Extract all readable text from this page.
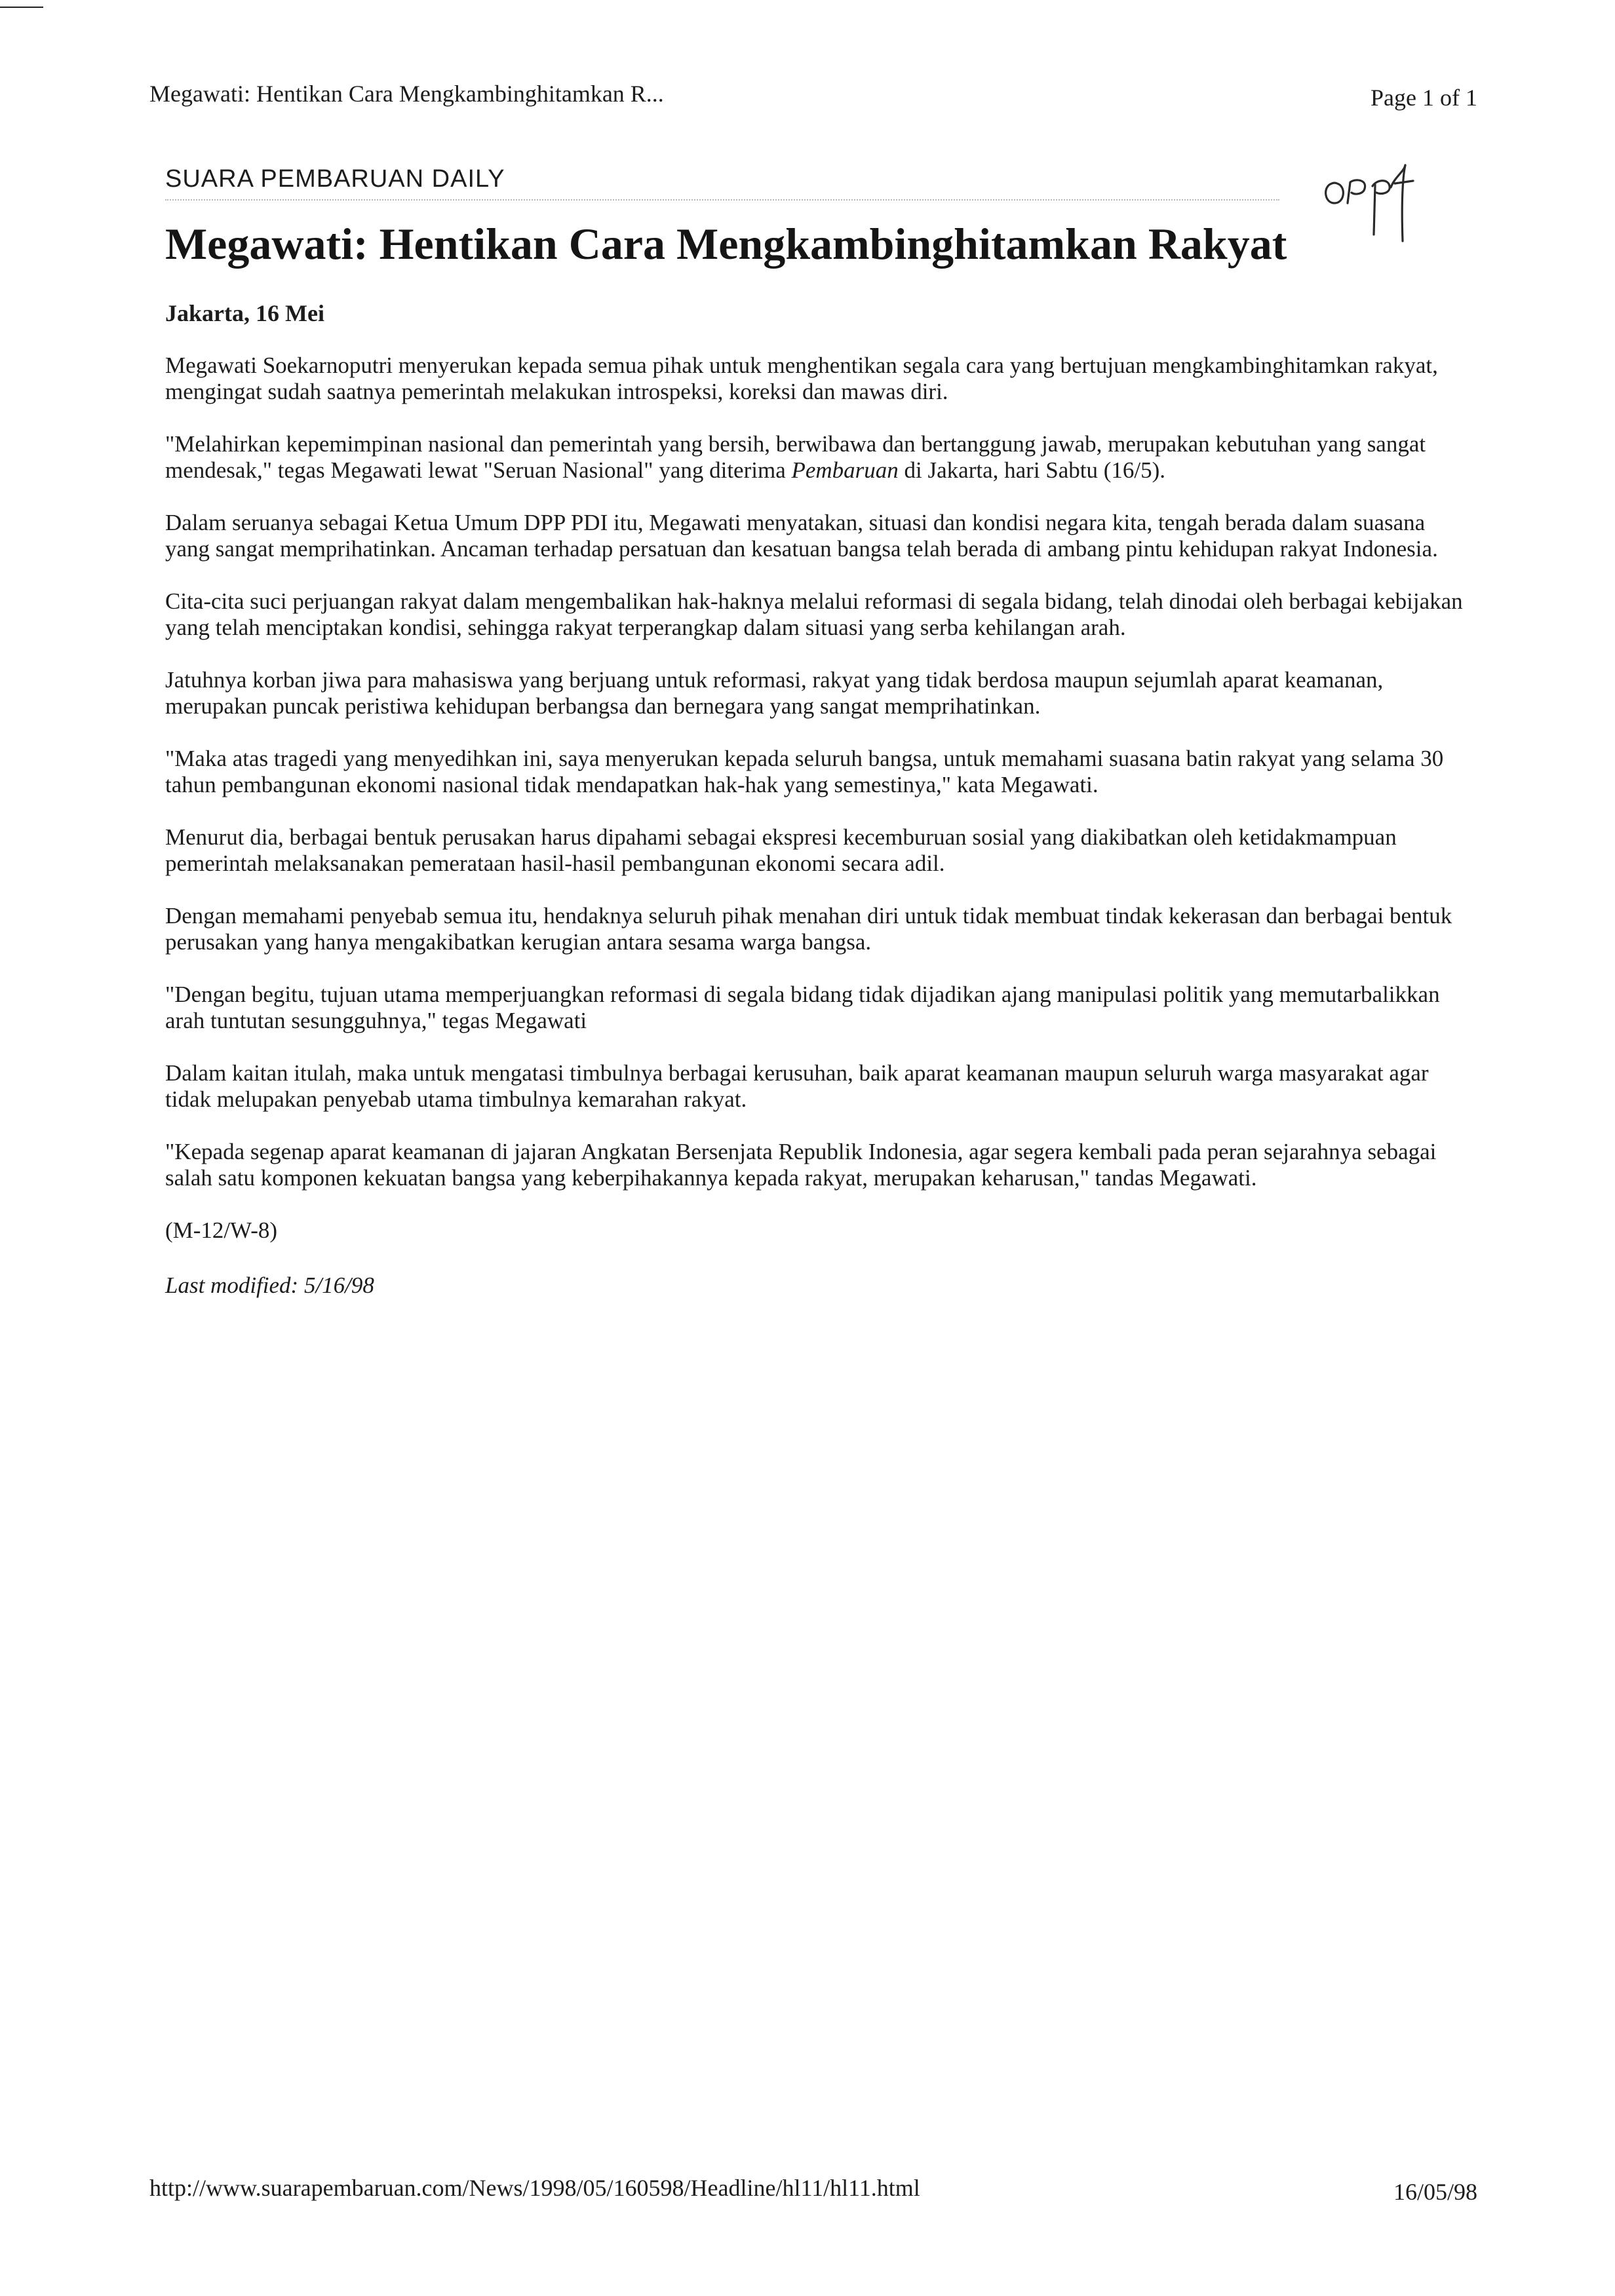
Megawati: Hentikan Cara Mengkambinghitamkan R...	Page 1 of 1
SUARA PEMBARUAN DAILY
Megawati: Hentikan Cara Mengkambinghitamkan Rakyat
Jakarta, 16 Mei

Megawati Soekarnoputri menyerukan kepada semua pihak untuk menghentikan segala cara yang bertujuan mengkambinghitamkan rakyat, mengingat sudah saatnya pemerintah melakukan introspeksi, koreksi dan mawas diri.

"Melahirkan kepemimpinan nasional dan pemerintah yang bersih, berwibawa dan bertanggung jawab, merupakan kebutuhan yang sangat mendesak," tegas Megawati lewat "Seruan Nasional" yang diterima Pembaruan di Jakarta, hari Sabtu (16/5).

Dalam seruanya sebagai Ketua Umum DPP PDI itu, Megawati menyatakan, situasi dan kondisi negara kita, tengah berada dalam suasana yang sangat memprihatinkan. Ancaman terhadap persatuan dan kesatuan bangsa telah berada di ambang pintu kehidupan rakyat Indonesia.

Cita-cita suci perjuangan rakyat dalam mengembalikan hak-haknya melalui reformasi di segala bidang, telah dinodai oleh berbagai kebijakan yang telah menciptakan kondisi, sehingga rakyat terperangkap dalam situasi yang serba kehilangan arah.

Jatuhnya korban jiwa para mahasiswa yang berjuang untuk reformasi, rakyat yang tidak berdosa maupun sejumlah aparat keamanan, merupakan puncak peristiwa kehidupan berbangsa dan bernegara yang sangat memprihatinkan.

"Maka atas tragedi yang menyedihkan ini, saya menyerukan kepada seluruh bangsa, untuk memahami suasana batin rakyat yang selama 30 tahun pembangunan ekonomi nasional tidak mendapatkan hak-hak yang semestinya," kata Megawati.

Menurut dia, berbagai bentuk perusakan harus dipahami sebagai ekspresi kecemburuan sosial yang diakibatkan oleh ketidakmampuan pemerintah melaksanakan pemerataan hasil-hasil pembangunan ekonomi secara adil.

Dengan memahami penyebab semua itu, hendaknya seluruh pihak menahan diri untuk tidak membuat tindak kekerasan dan berbagai bentuk perusakan yang hanya mengakibatkan kerugian antara sesama warga bangsa.

"Dengan begitu, tujuan utama memperjuangkan reformasi di segala bidang tidak dijadikan ajang manipulasi politik yang memutarbalikkan arah tuntutan sesungguhnya," tegas Megawati

Dalam kaitan itulah, maka untuk mengatasi timbulnya berbagai kerusuhan, baik aparat keamanan maupun seluruh warga masyarakat agar tidak melupakan penyebab utama timbulnya kemarahan rakyat.

"Kepada segenap aparat keamanan di jajaran Angkatan Bersenjata Republik Indonesia, agar segera kembali pada peran sejarahnya sebagai salah satu komponen kekuatan bangsa yang keberpihakannya kepada rakyat, merupakan keharusan," tandas Megawati.

(M-12/W-8)
Last modified: 5/16/98
http://www.suarapembaruan.com/News/1998/05/160598/Headline/hl11/hl11.html	16/05/98
